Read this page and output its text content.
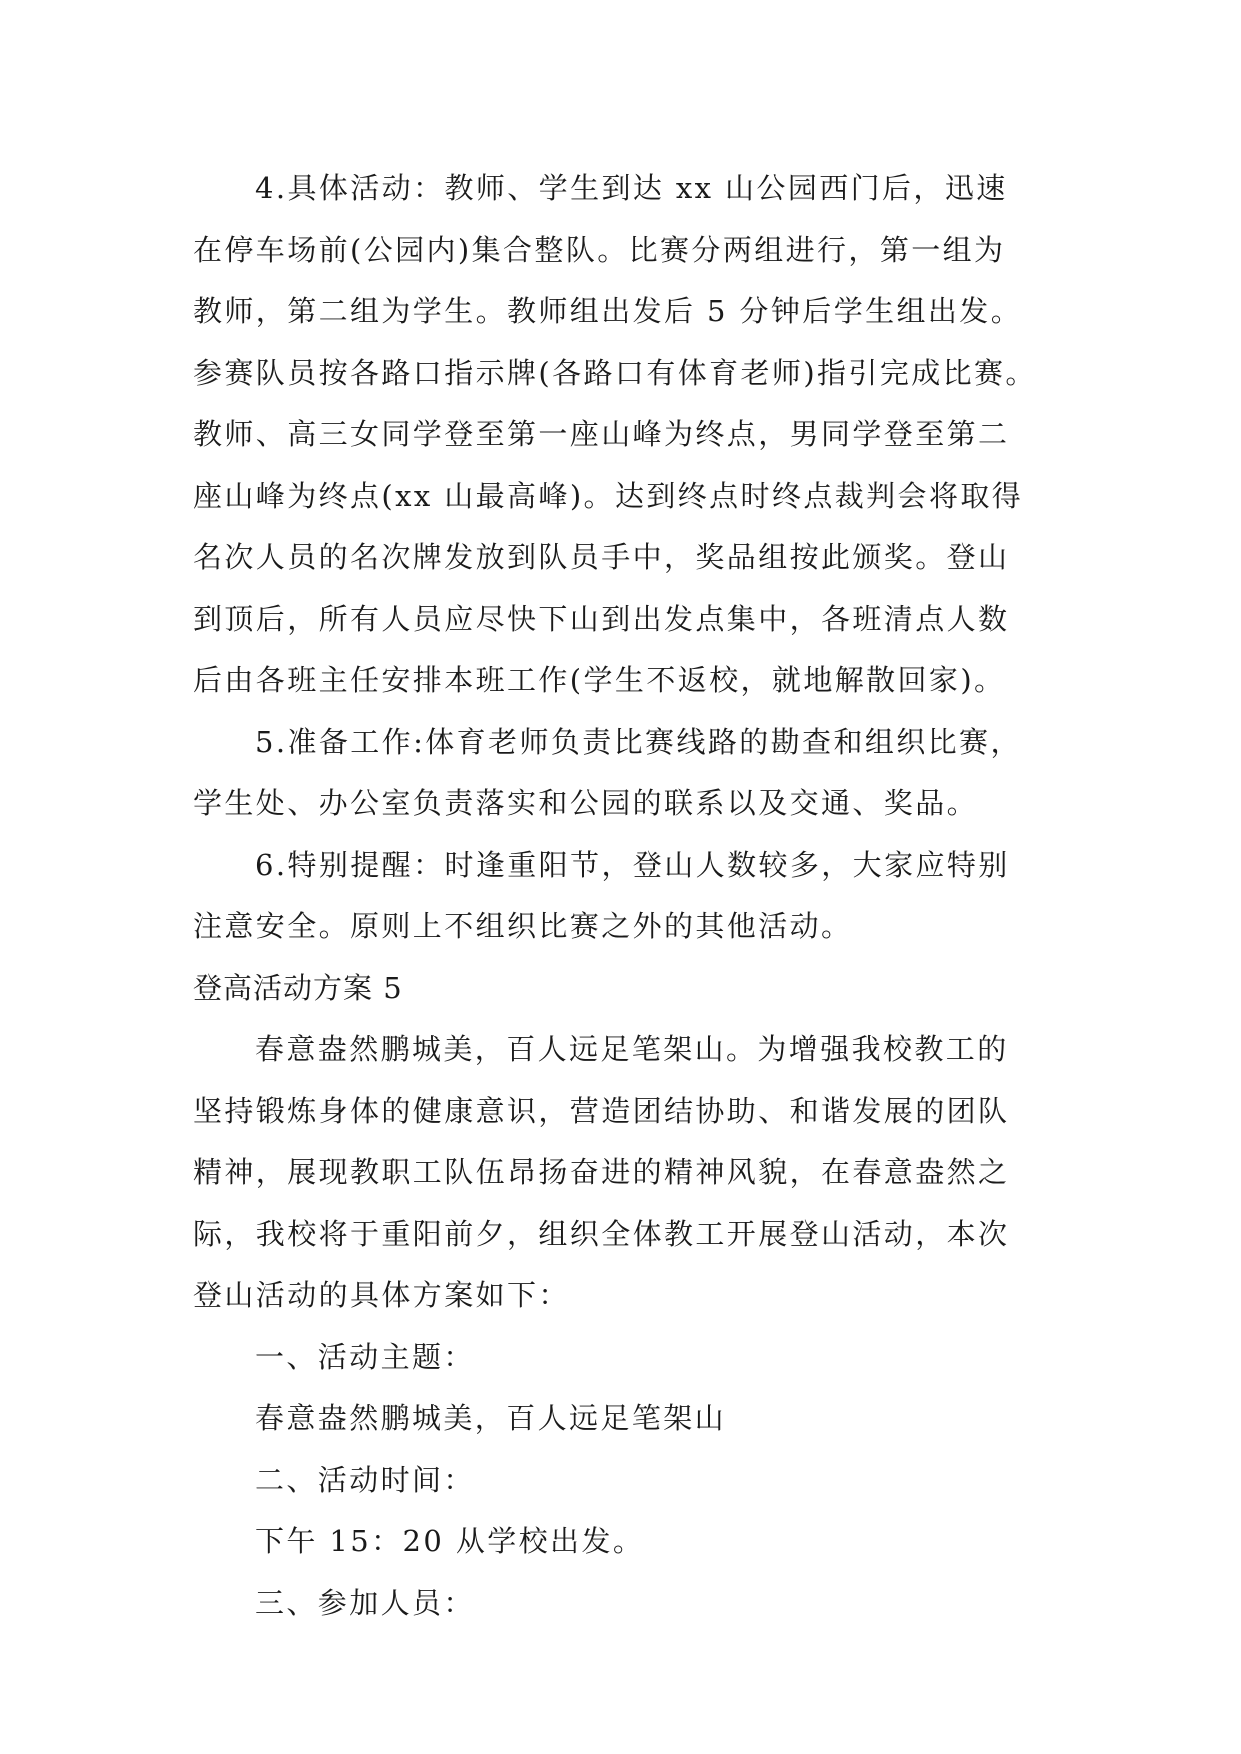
4.具体活动：教师、学生到达 xx 山公园西门后，迅速
在停车场前(公园内)集合整队。比赛分两组进行，第一组为
教师，第二组为学生。教师组出发后 5 分钟后学生组出发。
参赛队员按各路口指示牌(各路口有体育老师)指引完成比赛。
教师、高三女同学登至第一座山峰为终点，男同学登至第二
座山峰为终点(xx 山最高峰)。达到终点时终点裁判会将取得
名次人员的名次牌发放到队员手中，奖品组按此颁奖。登山
到顶后，所有人员应尽快下山到出发点集中，各班清点人数
后由各班主任安排本班工作(学生不返校，就地解散回家)。
5.准备工作:体育老师负责比赛线路的勘查和组织比赛，
学生处、办公室负责落实和公园的联系以及交通、奖品。
6.特别提醒：时逢重阳节，登山人数较多，大家应特别
注意安全。原则上不组织比赛之外的其他活动。
登高活动方案 5
春意盎然鹏城美，百人远足笔架山。为增强我校教工的
坚持锻炼身体的健康意识，营造团结协助、和谐发展的团队
精神，展现教职工队伍昂扬奋进的精神风貌，在春意盎然之
际，我校将于重阳前夕，组织全体教工开展登山活动，本次
登山活动的具体方案如下：
一、活动主题：
春意盎然鹏城美，百人远足笔架山
二、活动时间：
下午 15：20 从学校出发。
三、参加人员：
